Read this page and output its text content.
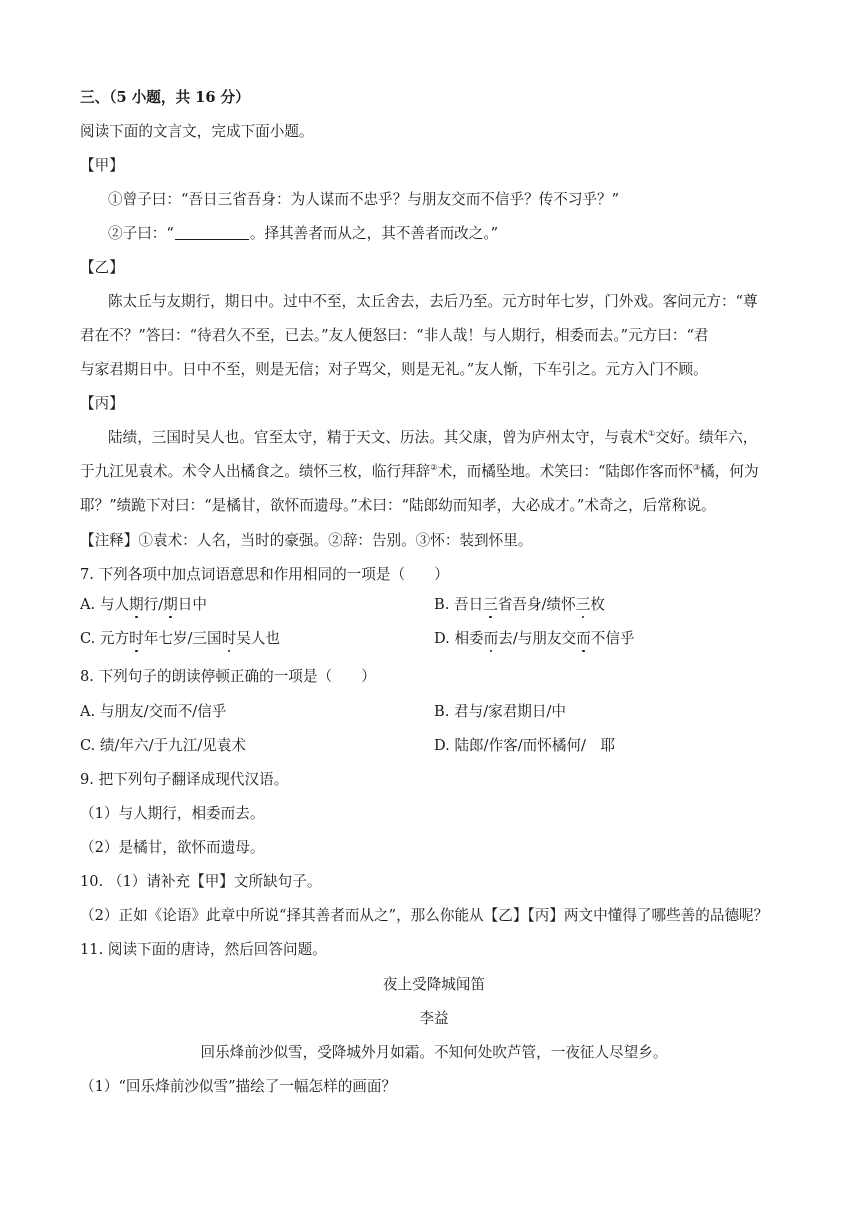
三、（5 小题，共 16 分）
阅读下面的文言文，完成下面小题。
【甲】
①曾子曰：“吾日三省吾身：为人谋而不忠乎？与朋友交而不信乎？传不习乎？”
②子曰：“	。择其善者而从之，其不善者而改之。”
【乙】
陈太丘与友期行，期日中。过中不至，太丘舍去，去后乃至。元方时年七岁，门外戏。客问元方：“尊
君在不？”答曰：“待君久不至，已去。”友人便怒曰：“非人哉！与人期行，相委而去。”元方曰：“君
与家君期日中。日中不至，则是无信；对子骂父，则是无礼。”友人惭，下车引之。元方入门不顾。
【丙】
陆绩，三国时吴人也。官至太守，精于天文、历法。其父康，曾为庐州太守，与袁术①交好。绩年六，
于九江见袁术。术令人出橘食之。绩怀三枚，临行拜辞②术，而橘坠地。术笑曰：“陆郎作客而怀③橘，何为
耶？”绩跪下对曰：“是橘甘，欲怀而遗母。”术曰：“陆郎幼而知孝，大必成才。”术奇之，后常称说。
【注释】①袁术：人名，当时的豪强。②辞：告别。③怀：装到怀里。
7. 下列各项中加点词语意思和作用相同的一项是（　　）
A. 与人期行/期日中	B. 吾日三省吾身/绩怀三枚
C. 元方时年七岁/三国时吴人也	D. 相委而去/与朋友交而不信乎
8. 下列句子的朗读停顿正确的一项是（　　）
A. 与朋友/交而不/信乎	B. 君与/家君期日/中
C. 绩/年六/于九江/见袁术	D. 陆郎/作客/而怀橘何/　耶
9. 把下列句子翻译成现代汉语。
（1）与人期行，相委而去。
（2）是橘甘，欲怀而遗母。
10. （1）请补充【甲】文所缺句子。
（2）正如《论语》此章中所说“择其善者而从之”，那么你能从【乙】【丙】两文中懂得了哪些善的品德呢？
11. 阅读下面的唐诗，然后回答问题。
夜上受降城闻笛
李益
回乐烽前沙似雪，受降城外月如霜。不知何处吹芦管，一夜征人尽望乡。
（1）“回乐烽前沙似雪”描绘了一幅怎样的画面？
